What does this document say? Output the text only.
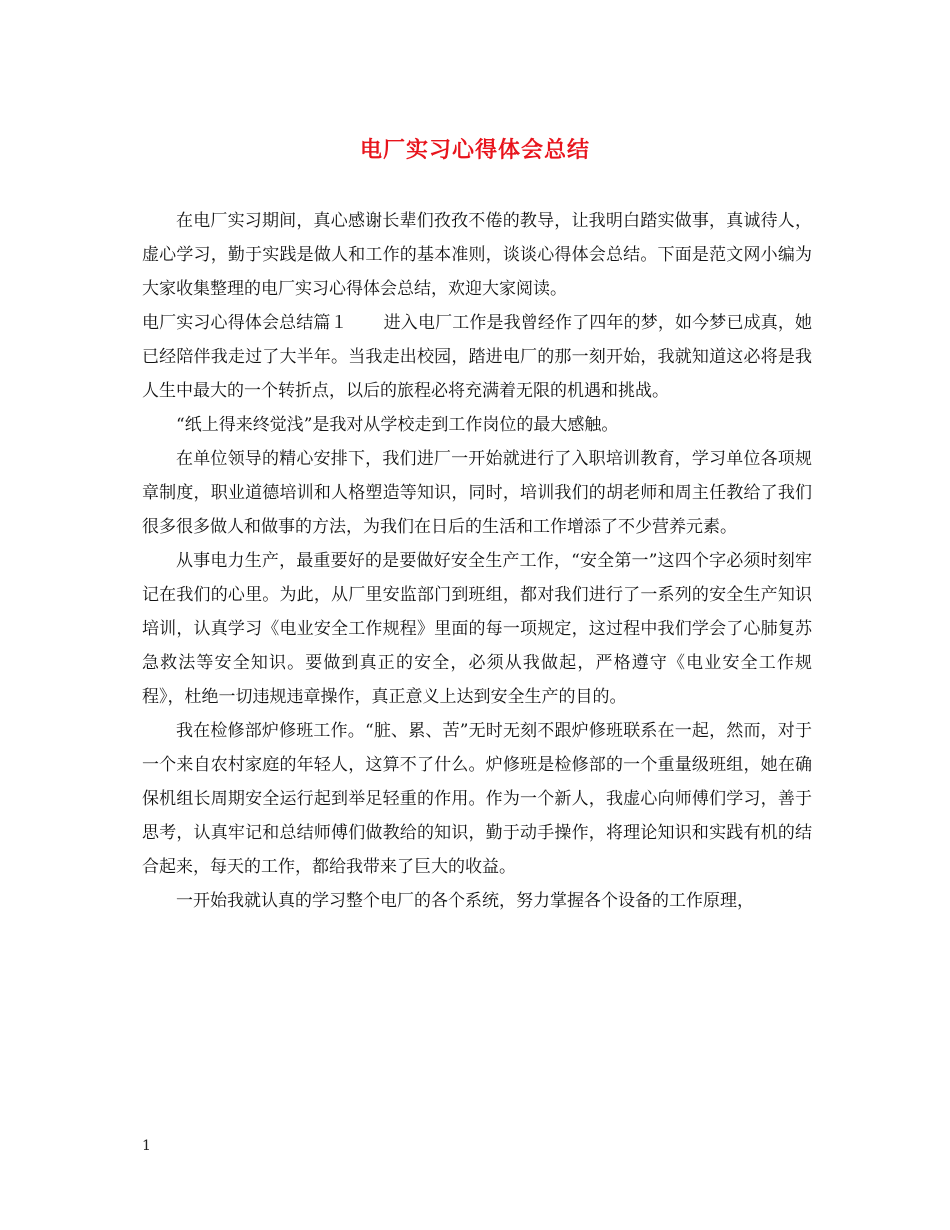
电厂实习心得体会总结

在电厂实习期间，真心感谢长辈们孜孜不倦的教导，让我明白踏实做事，真诚待人，虚心学习，勤于实践是做人和工作的基本准则，谈谈心得体会总结。下面是范文网小编为大家收集整理的电厂实习心得体会总结，欢迎大家阅读。

电厂实习心得体会总结篇１ 进入电厂工作是我曾经作了四年的梦，如今梦已成真，她已经陪伴我走过了大半年。当我走出校园，踏进电厂的那一刻开始，我就知道这必将是我人生中最大的一个转折点，以后的旅程必将充满着无限的机遇和挑战。

“纸上得来终觉浅”是我对从学校走到工作岗位的最大感触。

在单位领导的精心安排下，我们进厂一开始就进行了入职培训教育，学习单位各项规章制度，职业道德培训和人格塑造等知识，同时，培训我们的胡老师和周主任教给了我们很多很多做人和做事的方法，为我们在日后的生活和工作增添了不少营养元素。

从事电力生产，最重要好的是要做好安全生产工作，“安全第一”这四个字必须时刻牢记在我们的心里。为此，从厂里安监部门到班组，都对我们进行了一系列的安全生产知识培训，认真学习《电业安全工作规程》里面的每一项规定，这过程中我们学会了心肺复苏急救法等安全知识。要做到真正的安全，必须从我做起，严格遵守《电业安全工作规程》，杜绝一切违规违章操作，真正意义上达到安全生产的目的。

我在检修部炉修班工作。“脏、累、苦”无时无刻不跟炉修班联系在一起，然而，对于一个来自农村家庭的年轻人，这算不了什么。炉修班是检修部的一个重量级班组，她在确保机组长周期安全运行起到举足轻重的作用。作为一个新人，我虚心向师傅们学习，善于思考，认真牢记和总结师傅们做教给的知识，勤于动手操作，将理论知识和实践有机的结合起来，每天的工作，都给我带来了巨大的收益。

一开始我就认真的学习整个电厂的各个系统，努力掌握各个设备的工作原理，

1
